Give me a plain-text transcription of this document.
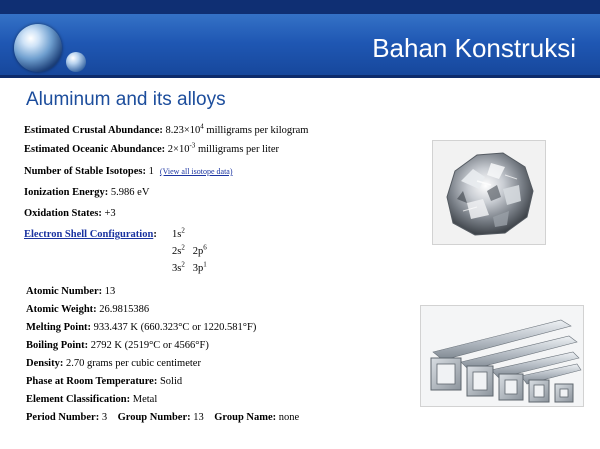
Bahan Konstruksi
Aluminum and its alloys
Estimated Crustal Abundance: $8.23\times 10^4$ milligrams per kilogram
Estimated Oceanic Abundance: $2\times 10^{-3}$ milligrams per liter
Number of Stable Isotopes: 1 (View all isotope data)
Ionization Energy: 5.986 eV
Oxidation States: +3
Electron Shell Configuration: $1s^2$
$2s^2$ $2p^6$
$3s^2$ $3p^1$
Atomic Number: 13
Atomic Weight: 26.9815386
Melting Point: 933.437 K (660.323°C or 1220.581°F)
Boiling Point: 2792 K (2519°C or 4566°F)
Density: 2.70 grams per cubic centimeter
Phase at Room Temperature: Solid
Element Classification: Metal
Period Number: 3 Group Number: 13 Group Name: none
